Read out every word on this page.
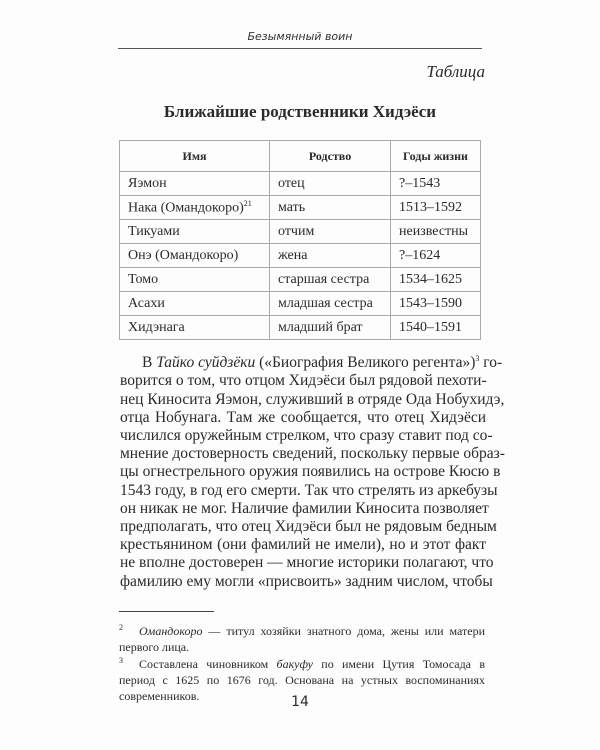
Безымянный воин
Таблица
Ближайшие родственники Хидэёси
Имя	Родство	Годы жизни
Яэмон	отец	?–1543
Нака (Омандокоро)$^{21}$	мать	1513–1592
Тикуами	отчим	неизвестны
Онэ (Омандокоро)	жена	?–1624
Томо	старшая сестра	1534–1625
Асахи	младшая сестра	1543–1590
Хидэнага	младший брат	1540–1591
В Тайко суйдзёки («Биография Великого регента»)$^3$ го-
ворится о том, что отцом Хидэёси был рядовой пехоти-
нец Киносита Яэмон, служивший в отряде Ода Нобухидэ,
отца Нобунага. Там же сообщается, что отец Хидэёси
числился оружейным стрелком, что сразу ставит под со-
мнение достоверность сведений, поскольку первые образ-
цы огнестрельного оружия появились на острове Кюсю в
1543 году, в год его смерти. Так что стрелять из аркебузы
он никак не мог. Наличие фамилии Киносита позволяет
предполагать, что отец Хидэёси был не рядовым бедным
крестьянином (они фамилий не имели), но и этот факт
не вполне достоверен — многие историки полагают, что
фамилию ему могли «присвоить» задним числом, чтобы
$^2$ Омандокоро — титул хозяйки знатного дома, жены или матери первого лица.
$^3$ Составлена чиновником бакуфу по имени Цутия Томосада в период с 1625 по 1676 год. Основана на устных воспоминаниях современников.	14
